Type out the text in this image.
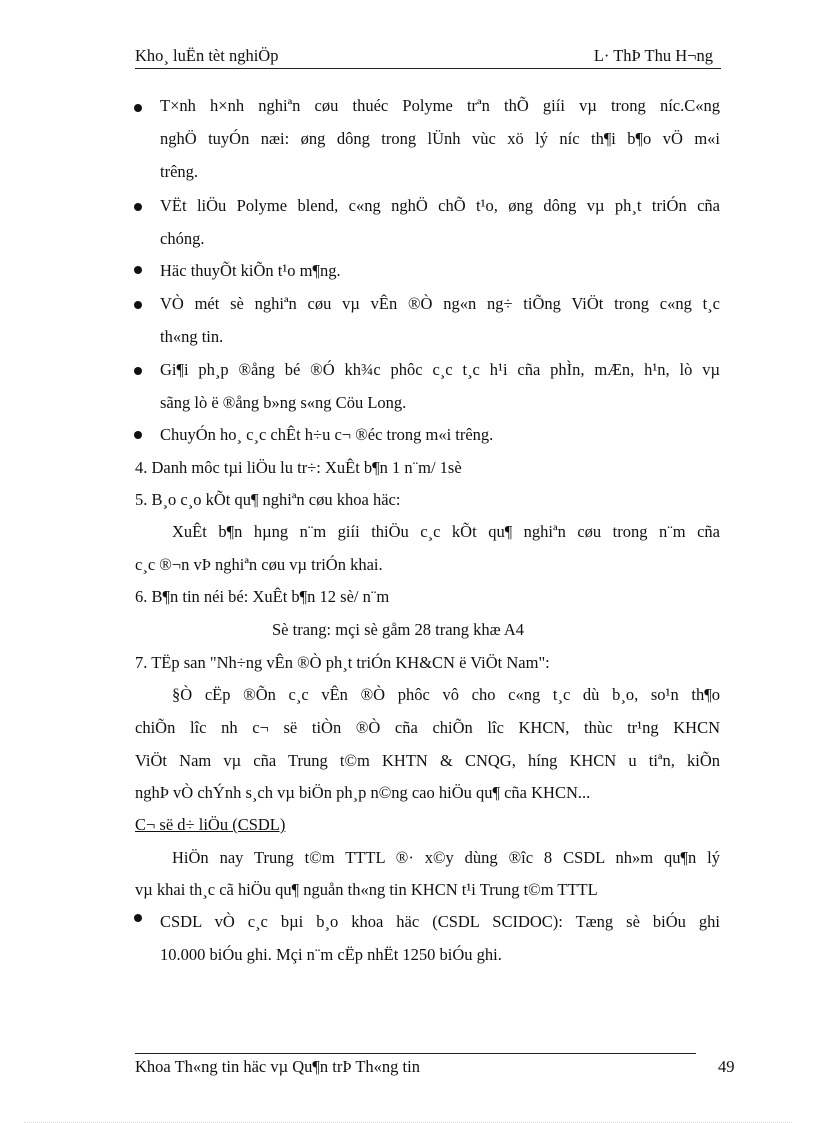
Kho¸ luËn tèt nghiÖp	L· ThÞ Thu H¬ng
T×nh h×nh nghiªn cøu thuéc Polyme trªn thÕ giíi vµ trong níc.C«ng
nghÖ tuyÓn næi: øng dông trong lÜnh vùc xö lý níc th¶i b¶o vÖ m«i
trêng.
VËt liÖu Polyme blend, c«ng nghÖ chÕ t¹o, øng dông vµ ph¸t triÓn cña
chóng.
Häc thuyÕt kiÕn t¹o m¶ng.
VÒ mét sè nghiªn cøu vµ vÊn ®Ò ng«n ng÷ tiÕng ViÖt trong c«ng t¸c
th«ng tin.
Gi¶i ph¸p ®ång bé ®Ó kh¾c phôc c¸c t¸c h¹i cña phÌn, mÆn, h¹n, lò vµ
sãng lò ë ®ång b»ng s«ng Cöu Long.
ChuyÓn ho¸ c¸c chÊt h÷u c¬ ®éc trong m«i trêng.
4. Danh môc tµi liÖu lu tr÷: XuÊt b¶n 1 n¨m/ 1sè
5. B¸o c¸o kÕt qu¶ nghiªn cøu khoa häc:
XuÊt b¶n hµng n¨m giíi thiÖu c¸c kÕt qu¶ nghiªn cøu trong n¨m cña
c¸c ®¬n vÞ nghiªn cøu vµ triÓn khai.
6. B¶n tin néi bé: XuÊt b¶n 12 sè/ n¨m
Sè trang: mçi sè gåm 28 trang khæ A4
7. TËp san "Nh÷ng vÊn ®Ò ph¸t triÓn KH&CN ë ViÖt Nam":
§Ò cËp ®Õn c¸c vÊn ®Ò phôc vô cho c«ng t¸c dù b¸o, so¹n th¶o
chiÕn lîc nh c¬ së tiÒn ®Ò cña chiÕn lîc KHCN, thùc tr¹ng KHCN
ViÖt Nam vµ cña Trung t©m KHTN & CNQG, híng KHCN u tiªn, kiÕn
nghÞ vÒ chÝnh s¸ch vµ biÖn ph¸p n©ng cao hiÖu qu¶ cña KHCN...
C¬ së d÷ liÖu (CSDL)
HiÖn nay Trung t©m TTTL ®· x©y dùng ®îc 8 CSDL nh»m qu¶n lý
vµ khai th¸c cã hiÖu qu¶ nguån th«ng tin KHCN t¹i Trung t©m TTTL
CSDL vÒ c¸c bµi b¸o khoa häc (CSDL SCIDOC): Tæng sè biÓu ghi
10.000 biÓu ghi. Mçi n¨m cËp nhËt 1250 biÓu ghi.
Khoa Th«ng tin häc vµ Qu¶n trÞ Th«ng tin	49
